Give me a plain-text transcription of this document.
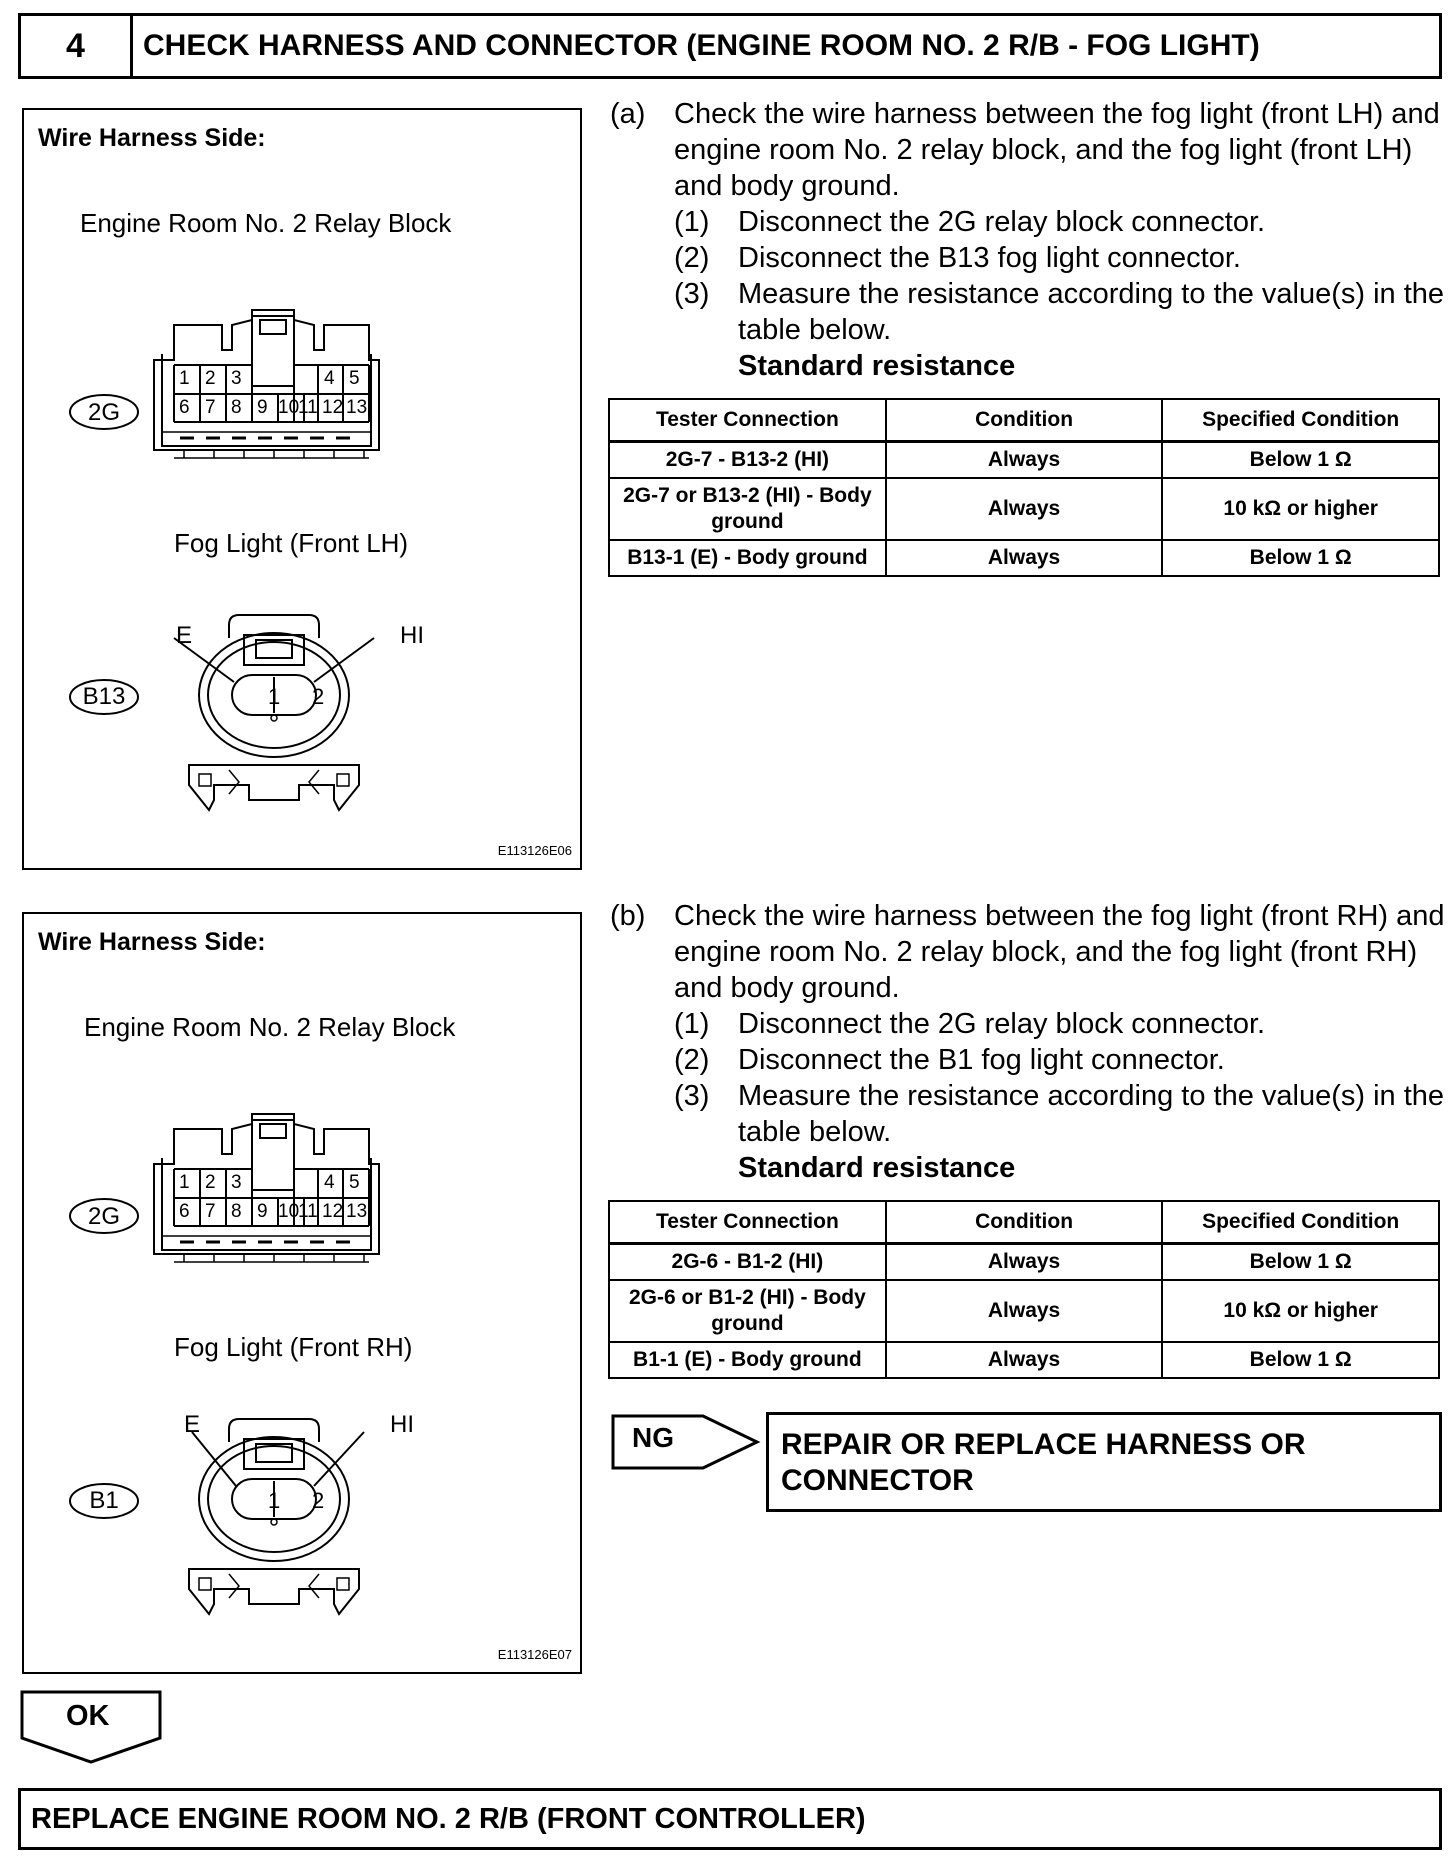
4	CHECK HARNESS AND CONNECTOR (ENGINE ROOM NO. 2 R/B - FOG LIGHT)
Wire Harness Side:
Engine Room No. 2 Relay Block
2G
B13
1 2 3	4 5
6 7 8 9 10
11 12 13
Fog Light (Front LH)
E	HI
1 2
E113126E06
Wire Harness Side:
Engine Room No. 2 Relay Block
2G
B1
1 2 3	4 5
6 7 8 9 10
11 12 13
Fog Light (Front RH)
E	HI
1 2
E113126E07
(a) Check the wire harness between the fog light (front LH) and engine room No. 2 relay block, and the fog light (front LH) and body ground.
(1) Disconnect the 2G relay block connector.
(2) Disconnect the B13 fog light connector.
(3) Measure the resistance according to the value(s) in the table below.
Standard resistance
Tester Connection	Condition	Specified Condition
2G-7 - B13-2 (HI)	Always	Below 1 Ω
2G-7 or B13-2 (HI) - Body ground	Always	10 kΩ or higher
B13-1 (E) - Body ground	Always	Below 1 Ω
(b) Check the wire harness between the fog light (front RH) and engine room No. 2 relay block, and the fog light (front RH) and body ground.
(1) Disconnect the 2G relay block connector.
(2) Disconnect the B1 fog light connector.
(3) Measure the resistance according to the value(s) in the table below.
Standard resistance
Tester Connection	Condition	Specified Condition
2G-6 - B1-2 (HI)	Always	Below 1 Ω
2G-6 or B1-2 (HI) - Body ground	Always	10 kΩ or higher
B1-1 (E) - Body ground	Always	Below 1 Ω
NG	REPAIR OR REPLACE HARNESS OR CONNECTOR
OK
REPLACE ENGINE ROOM NO. 2 R/B (FRONT CONTROLLER)
